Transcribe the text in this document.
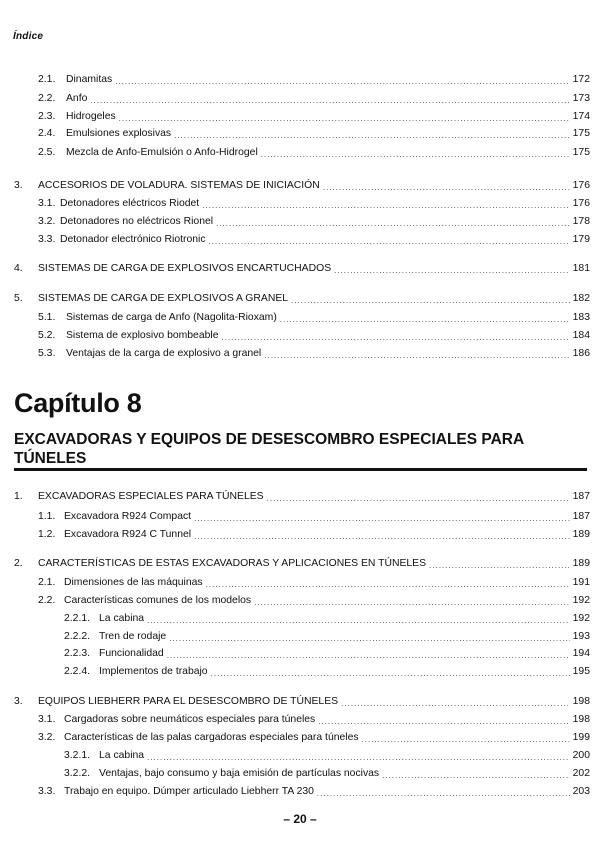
Índice
2.1.	Dinamitas .....	172
2.2.	Anfo .....	173
2.3.	Hidrogeles .....	174
2.4.	Emulsiones explosivas .....	175
2.5.	Mezcla de Anfo-Emulsión o Anfo-Hidrogel .....	175
3.	ACCESORIOS DE VOLADURA. SISTEMAS DE INICIACIÓN .....	176
3.1. Detonadores eléctricos Riodet .....	176
3.2. Detonadores no eléctricos Rionel .....	178
3.3. Detonador electrónico Riotronic .....	179
4.	SISTEMAS DE CARGA DE EXPLOSIVOS ENCARTUCHADOS .....	181
5.	SISTEMAS DE CARGA DE EXPLOSIVOS A GRANEL .....	182
5.1.	Sistemas de carga de Anfo (Nagolita-Rioxam) .....	183
5.2.	Sistema de explosivo bombeable .....	184
5.3.	Ventajas de la carga de explosivo a granel .....	186
Capítulo 8
EXCAVADORAS Y EQUIPOS DE DESESCOMBRO ESPECIALES PARA
TÚNELES
1.	EXCAVADORAS ESPECIALES PARA TÚNELES .....	187
1.1. Excavadora R924 Compact .....	187
1.2. Excavadora R924 C Tunnel .....	189
2.	CARACTERÍSTICAS DE ESTAS EXCAVADORAS Y APLICACIONES EN TÚNELES .....	189
2.1. Dimensiones de las máquinas .....	191
2.2. Características comunes de los modelos .....	192
2.2.1. La cabina .....	192
2.2.2. Tren de rodaje .....	193
2.2.3. Funcionalidad .....	194
2.2.4. Implementos de trabajo .....	195
3.	EQUIPOS LIEBHERR PARA EL DESESCOMBRO DE TÚNELES .....	198
3.1. Cargadoras sobre neumáticos especiales para túneles .....	198
3.2. Características de las palas cargadoras especiales para túneles .....	199
3.2.1. La cabina .....	200
3.2.2. Ventajas, bajo consumo y baja emisión de partículas nocivas .....	202
3.3. Trabajo en equipo. Dúmper articulado Liebherr TA 230 .....	203
– 20 –
